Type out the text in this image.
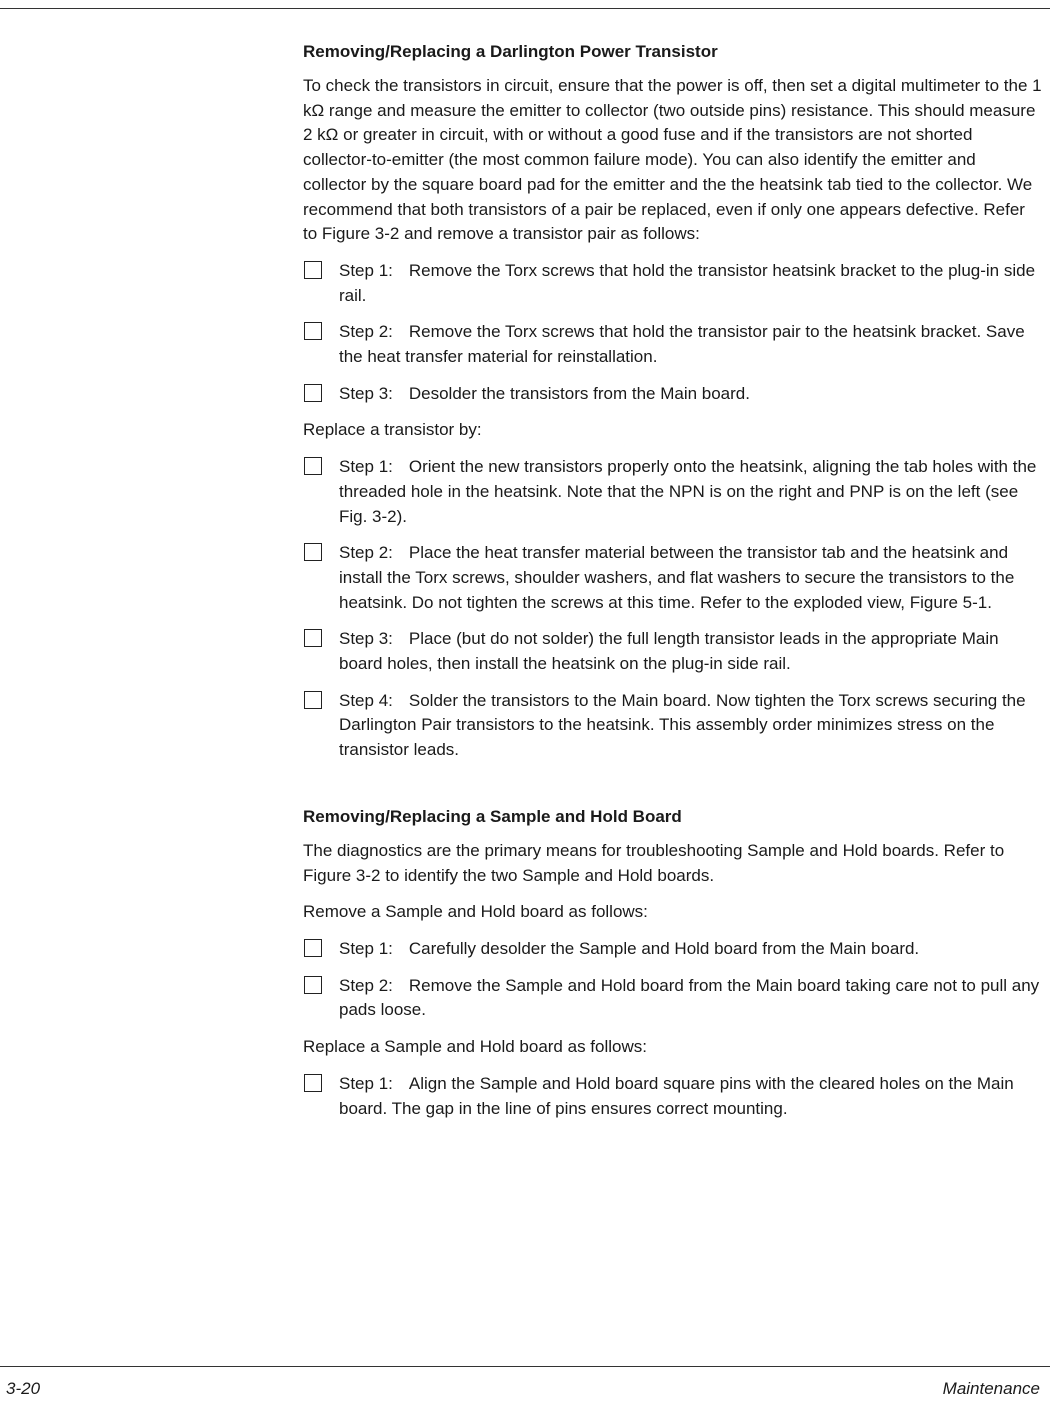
Removing/Replacing a Darlington Power Transistor
To check the transistors in circuit, ensure that the power is off, then set a digital multimeter to the 1 kΩ range and measure the emitter to collector (two outside pins) resistance. This should measure 2 kΩ or greater in circuit, with or without a good fuse and if the transistors are not shorted collector-to-emitter (the most common failure mode). You can also identify the emitter and collector by the square board pad for the emitter and the the heatsink tab tied to the collector. We recommend that both transistors of a pair be replaced, even if only one appears defective. Refer to Figure 3-2 and remove a transistor pair as follows:
Step 1: Remove the Torx screws that hold the transistor heatsink bracket to the plug-in side rail.
Step 2: Remove the Torx screws that hold the transistor pair to the heatsink bracket. Save the heat transfer material for reinstallation.
Step 3: Desolder the transistors from the Main board.
Replace a transistor by:
Step 1: Orient the new transistors properly onto the heatsink, aligning the tab holes with the threaded hole in the heatsink. Note that the NPN is on the right and PNP is on the left (see Fig. 3-2).
Step 2: Place the heat transfer material between the transistor tab and the heatsink and install the Torx screws, shoulder washers, and flat washers to secure the transistors to the heatsink. Do not tighten the screws at this time. Refer to the exploded view, Figure 5-1.
Step 3: Place (but do not solder) the full length transistor leads in the appropriate Main board holes, then install the heatsink on the plug-in side rail.
Step 4: Solder the transistors to the Main board. Now tighten the Torx screws securing the Darlington Pair transistors to the heatsink. This assembly order minimizes stress on the transistor leads.
Removing/Replacing a Sample and Hold Board
The diagnostics are the primary means for troubleshooting Sample and Hold boards. Refer to Figure 3-2 to identify the two Sample and Hold boards.
Remove a Sample and Hold board as follows:
Step 1: Carefully desolder the Sample and Hold board from the Main board.
Step 2: Remove the Sample and Hold board from the Main board taking care not to pull any pads loose.
Replace a Sample and Hold board as follows:
Step 1: Align the Sample and Hold board square pins with the cleared holes on the Main board. The gap in the line of pins ensures correct mounting.
3-20	Maintenance
